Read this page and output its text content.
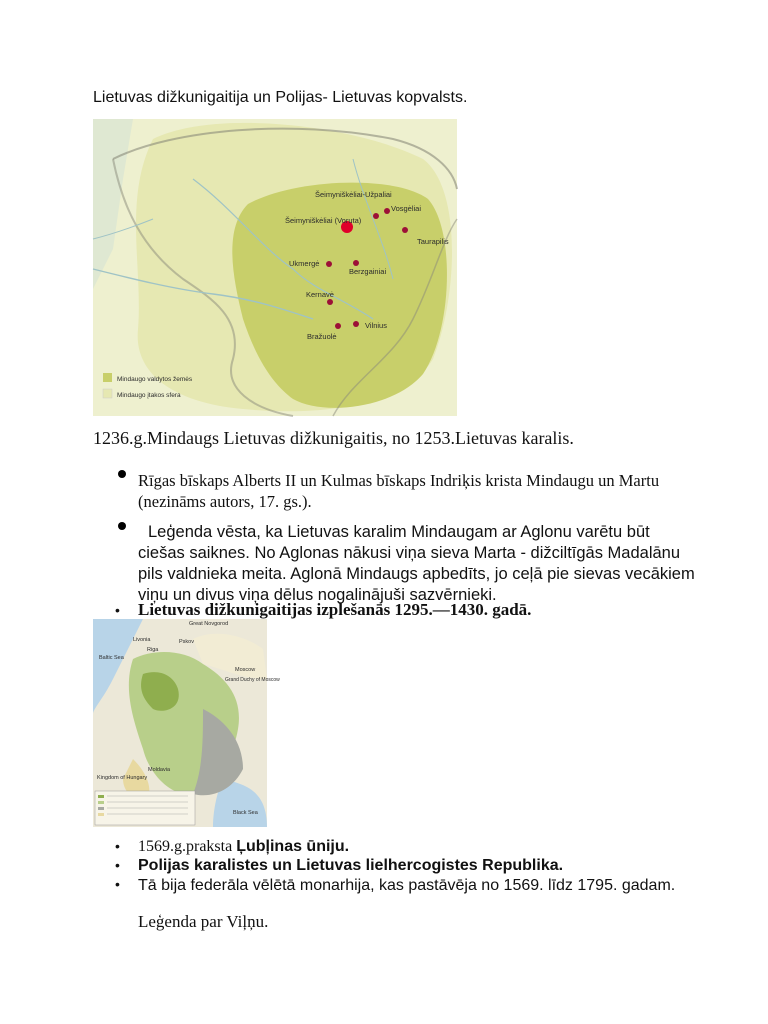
Lietuvas dižkunigaitija un Polijas- Lietuvas kopvalsts.
Šeimyniškėliai-Užpaliai
Vosgėliai
Šeimyniškėliai (Voruta)
Taurapilis
Ukmergė
Berzgainiai
Kernavė
Vilnius
Bražuolė
Mindaugo valdytos žemės
Mindaugo įtakos sfera
1236.g.Mindaugs Lietuvas dižkunigaitis, no 1253.Lietuvas karalis.
Rīgas bīskaps Alberts II un Kulmas bīskaps Indriķis krista Mindaugu un Martu (nezināms autors, 17. gs.).
Leģenda vēsta, ka Lietuvas karalim Mindaugam ar Aglonu varētu būt ciešas saiknes. No Aglonas nākusi viņa sieva Marta - dižciltīgās Madalānu pils valdnieka meita. Aglonā Mindaugs apbedīts, jo ceļā pie sievas vecākiem viņu un divus viņa dēlus nogalinājuši sazvērnieki.
• Lietuvas dižkunigaitijas izplešanās 1295.—1430. gadā.
Baltic Sea
Livonia
Riga
Pskov
Great Novgorod
Moscow
Grand Duchy of Moscow
Kingdom of Hungary
Moldavia
Black Sea
• 1569.g.praksta Ļubļinas ūniju.
• Polijas karalistes un Lietuvas lielhercogistes Republika.
• Tā bija federāla vēlētā monarhija, kas pastāvēja no 1569. līdz 1795. gadam.
Leģenda par Viļņu.
